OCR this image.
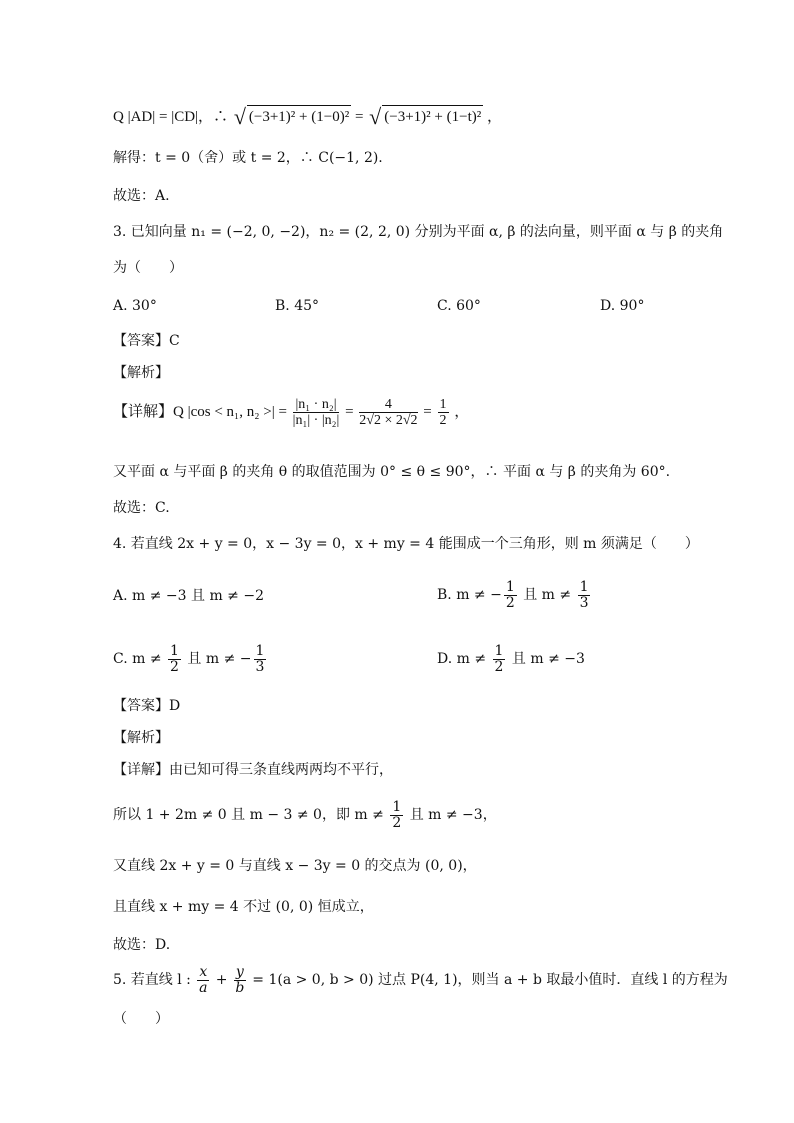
Q |AD| = |CD|，∴ √ (−3+1)² + (1−0)² = √ (−3+1)² + (1−t)² ，
解得：t = 0（舍）或 t = 2，∴ C(−1, 2).
故选：A.
3. 已知向量 n₁ = (−2, 0, −2)，n₂ = (2, 2, 0) 分别为平面 α, β 的法向量，则平面 α 与 β 的夹角
为（　　）
A. 30°	B. 45°	C. 60°	D. 90°
【答案】C
【解析】
【详解】Q |cos < n₁, n₂ >| = $\frac{\text{|n₁ · n₂|}}{\text{|n₁| · |n₂|}} = \frac{4}{2√2 \times 2√2} = \frac{1}{2}$ ，
又平面 α 与平面 β 的夹角 θ 的取值范围为 0° ≤ θ ≤ 90°，∴ 平面 α 与 β 的夹角为 60°.
故选：C.
4. 若直线 2x + y = 0，x − 3y = 0，x + my = 4 能围成一个三角形，则 m 须满足（　　）
A. m ≠ −3 且 m ≠ −2	B. m ≠ − $\frac{1}{2}$ 且 $m \ne \frac{1}{3}$
C. $m \ne \frac{1}{2}$ 且 m ≠ − $\frac{1}{3}$	D. $m \ne \frac{1}{2}$ 且 m ≠ −3
【答案】D
【解析】
【详解】由已知可得三条直线两两均不平行，
所以 1 + 2m ≠ 0 且 m − 3 ≠ 0，即 $m \ne \frac{1}{2}$ 且 m ≠ −3，
又直线 2x + y = 0 与直线 x − 3y = 0 的交点为 (0, 0)，
且直线 x + my = 4 不过 (0, 0) 恒成立，
故选：D.
5. 若直线 l : $\frac{x}{a} + \frac{y}{b} = 1(a > 0$, b > 0) 过点 P(4, 1)，则当 a + b 取最小值时．直线 l 的方程为
（　　）
